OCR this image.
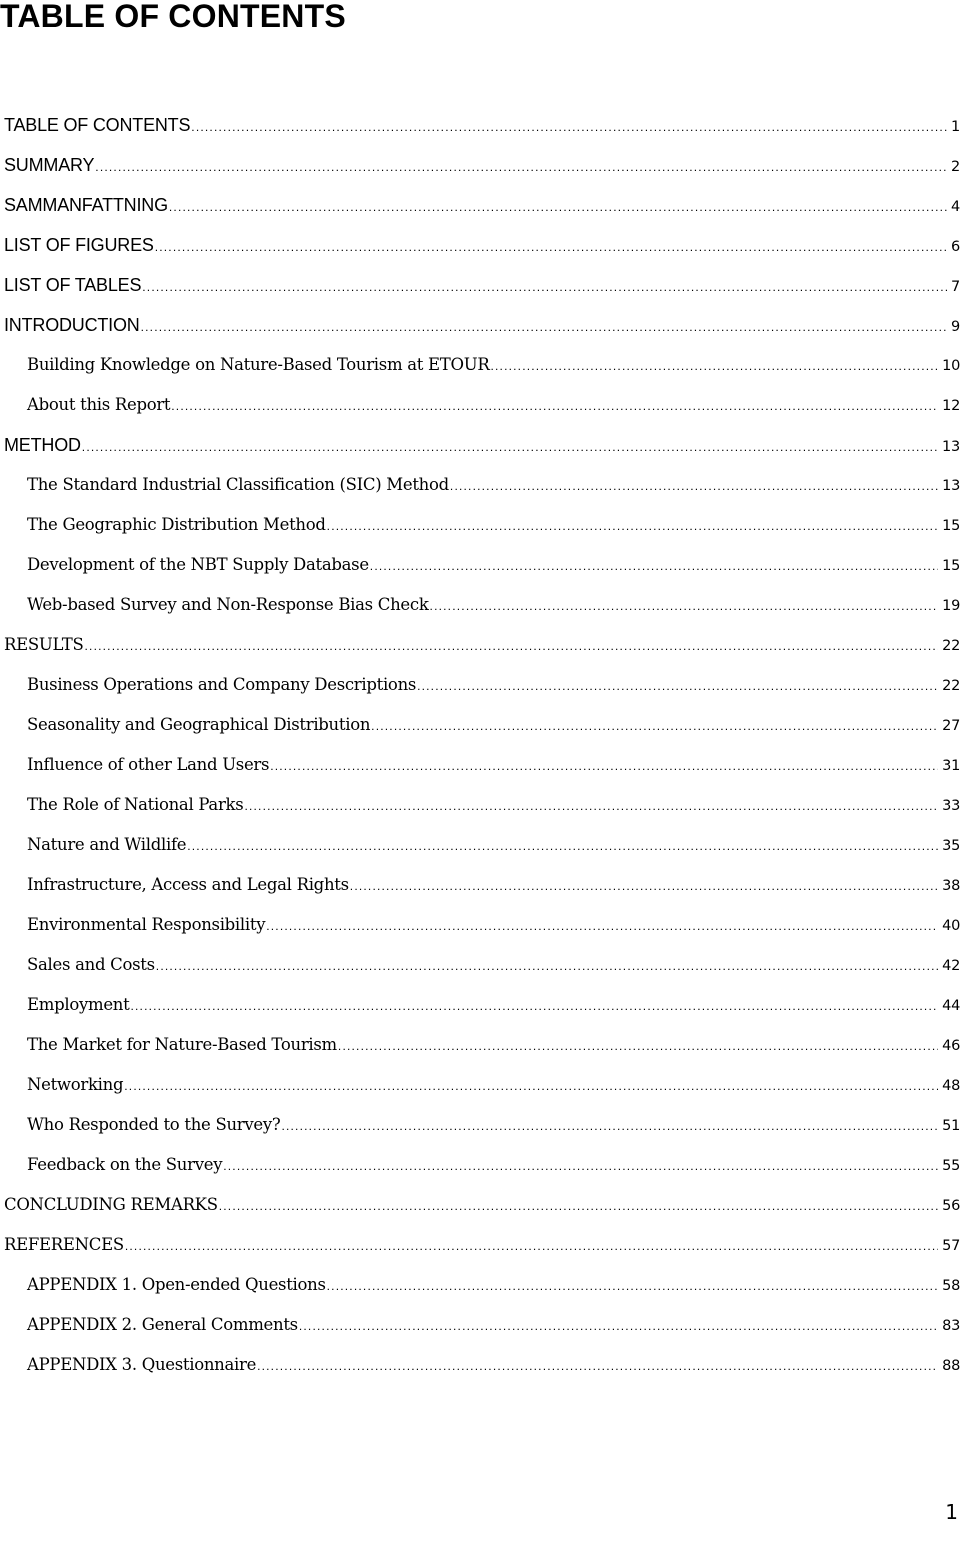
TABLE OF CONTENTS
TABLE OF CONTENTS .....	1
SUMMARY .....	2
SAMMANFATTNING .....	4
LIST OF FIGURES .....	6
LIST OF TABLES .....	7
INTRODUCTION .....	9
Building Knowledge on Nature-Based Tourism at ETOUR .....	10
About this Report .....	12
METHOD .....	13
The Standard Industrial Classification (SIC) Method .....	13
The Geographic Distribution Method .....	15
Development of the NBT Supply Database .....	15
Web-based Survey and Non-Response Bias Check .....	19
RESULTS .....	22
Business Operations and Company Descriptions .....	22
Seasonality and Geographical Distribution .....	27
Influence of other Land Users .....	31
The Role of National Parks .....	33
Nature and Wildlife .....	35
Infrastructure, Access and Legal Rights .....	38
Environmental Responsibility .....	40
Sales and Costs .....	42
Employment .....	44
The Market for Nature-Based Tourism .....	46
Networking .....	48
Who Responded to the Survey? .....	51
Feedback on the Survey .....	55
CONCLUDING REMARKS .....	56
REFERENCES .....	57
APPENDIX 1. Open-ended Questions .....	58
APPENDIX 2. General Comments .....	83
APPENDIX 3. Questionnaire .....	88
1
